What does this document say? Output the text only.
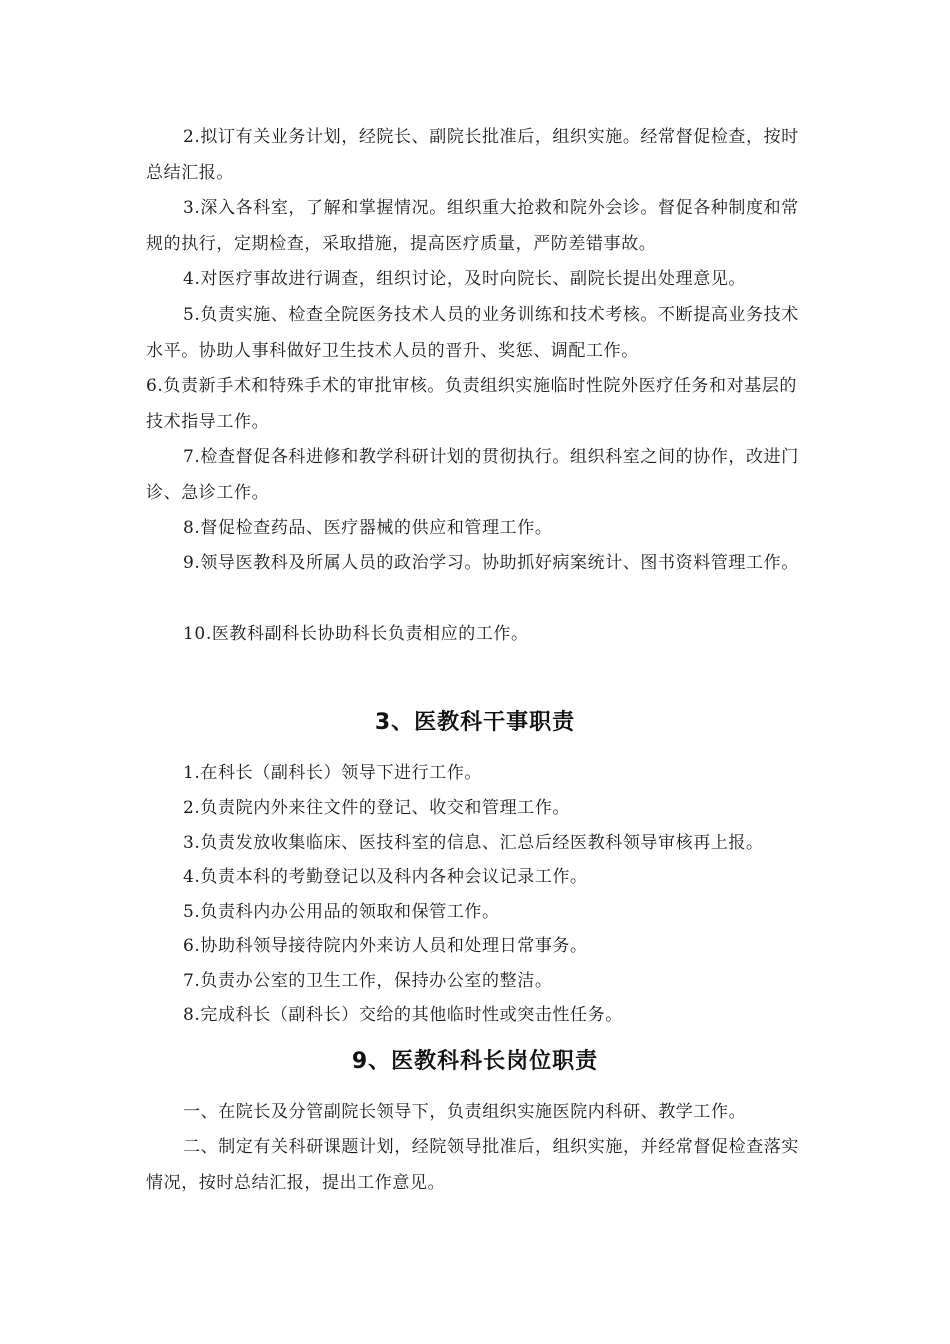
2.拟订有关业务计划，经院长、副院长批准后，组织实施。经常督促检查，按时总结汇报。

3.深入各科室，了解和掌握情况。组织重大抢救和院外会诊。督促各种制度和常规的执行，定期检查，采取措施，提高医疗质量，严防差错事故。

4.对医疗事故进行调查，组织讨论，及时向院长、副院长提出处理意见。

5.负责实施、检查全院医务技术人员的业务训练和技术考核。不断提高业务技术水平。协助人事科做好卫生技术人员的晋升、奖惩、调配工作。

6.负责新手术和特殊手术的审批审核。负责组织实施临时性院外医疗任务和对基层的技术指导工作。

7.检查督促各科进修和教学科研计划的贯彻执行。组织科室之间的协作，改进门诊、急诊工作。

8.督促检查药品、医疗器械的供应和管理工作。

9.领导医教科及所属人员的政治学习。协助抓好病案统计、图书资料管理工作。

10.医教科副科长协助科长负责相应的工作。

3、医教科干事职责

1.在科长（副科长）领导下进行工作。

2.负责院内外来往文件的登记、收交和管理工作。

3.负责发放收集临床、医技科室的信息、汇总后经医教科领导审核再上报。

4.负责本科的考勤登记以及科内各种会议记录工作。

5.负责科内办公用品的领取和保管工作。

6.协助科领导接待院内外来访人员和处理日常事务。

7.负责办公室的卫生工作，保持办公室的整洁。

8.完成科长（副科长）交给的其他临时性或突击性任务。

9、医教科科长岗位职责

一、在院长及分管副院长领导下，负责组织实施医院内科研、教学工作。

二、制定有关科研课题计划，经院领导批准后，组织实施，并经常督促检查落实情况，按时总结汇报，提出工作意见。
